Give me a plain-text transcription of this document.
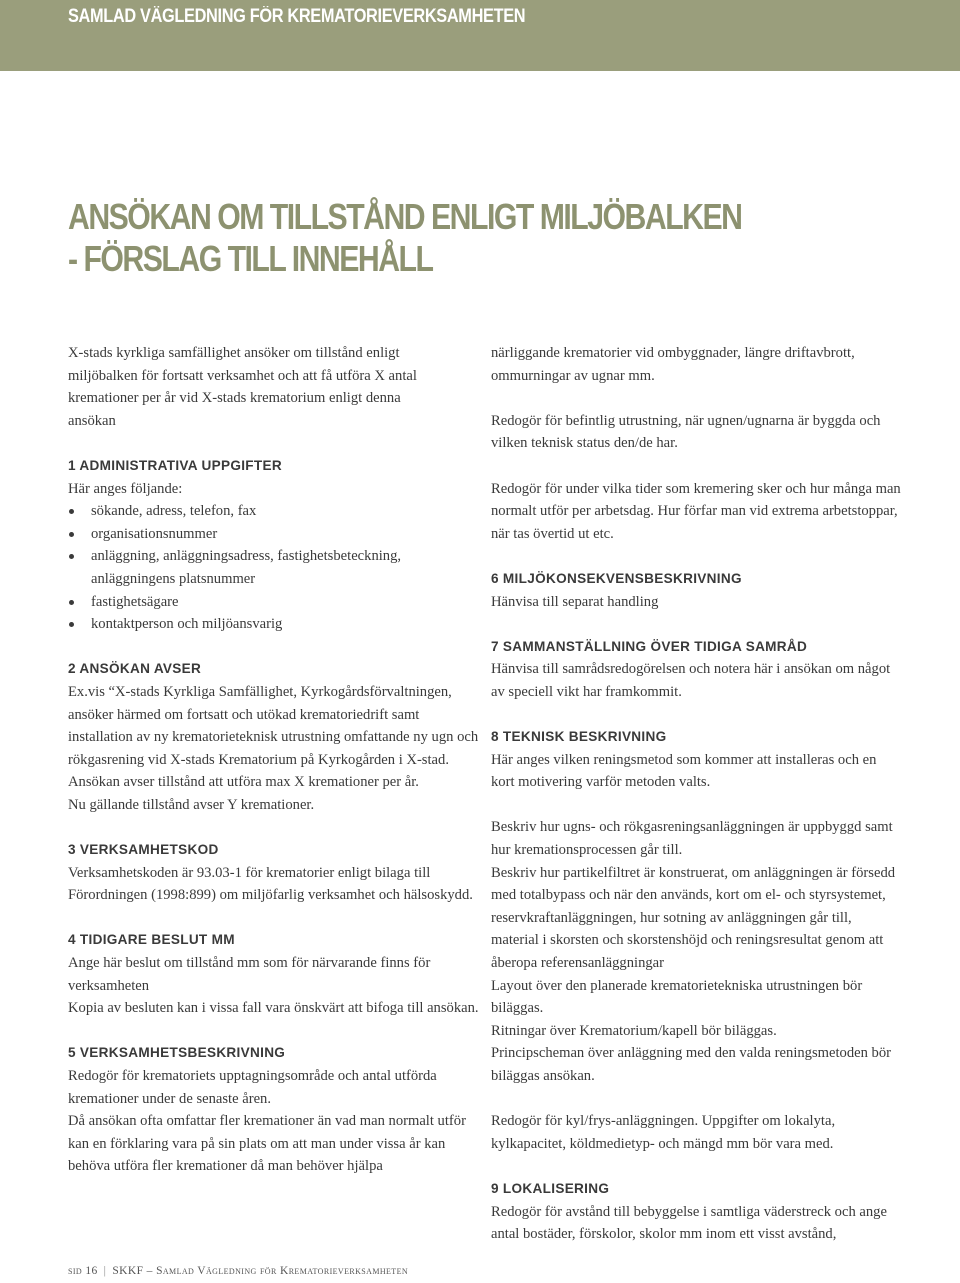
SAMLAD VÄGLEDNING FÖR KREMATORIEVERKSAMHETEN
ANSÖKAN OM TILLSTÅND ENLIGT MILJÖBALKEN
- FÖRSLAG TILL INNEHÅLL

X-stads kyrkliga samfällighet ansöker om tillstånd enligt miljöbalken för fortsatt verksamhet och att få utföra X antal kremationer per år vid X-stads krematorium enligt denna ansökan

1 ADMINISTRATIVA UPPGIFTER

Här anges följande:

sökande, adress, telefon, fax
organisationsnummer
anläggning, anläggningsadress, fastighetsbeteckning, anläggningens platsnummer
fastighetsägare
kontaktperson och miljöansvarig
2 ANSÖKAN AVSER

Ex.vis “X-stads Kyrkliga Samfällighet, Kyrkogårdsförvaltningen, ansöker härmed om fortsatt och utökad krematoriedrift samt installation av ny krematorieteknisk utrustning omfattande ny ugn och rökgasrening vid X-stads Krematorium på Kyrkogården i X-stad.

Ansökan avser tillstånd att utföra max X kremationer per år.

Nu gällande tillstånd avser Y kremationer.

3 VERKSAMHETSKOD

Verksamhetskoden är 93.03-1 för krematorier enligt bilaga till Förordningen (1998:899) om miljöfarlig verksamhet och hälsoskydd.

4 TIDIGARE BESLUT MM

Ange här beslut om tillstånd mm som för närvarande finns för verksamheten

Kopia av besluten kan i vissa fall vara önskvärt att bifoga till ansökan.

5 VERKSAMHETSBESKRIVNING

Redogör för krematoriets upptagningsområde och antal utförda kremationer under de senaste åren.

Då ansökan ofta omfattar fler kremationer än vad man normalt utför kan en förklaring vara på sin plats om att man under vissa år kan behöva utföra fler kremationer då man behöver hjälpa

närliggande krematorier vid ombyggnader, längre driftavbrott, ommurningar av ugnar mm.

Redogör för befintlig utrustning, när ugnen/ugnarna är byggda och vilken teknisk status den/de har.

Redogör för under vilka tider som kremering sker och hur många man normalt utför per arbetsdag. Hur förfar man vid extrema arbetstoppar, när tas övertid ut etc.

6 MILJÖKONSEKVENSBESKRIVNING

Hänvisa till separat handling

7 SAMMANSTÄLLNING ÖVER TIDIGA SAMRÅD

Hänvisa till samrådsredogörelsen och notera här i ansökan om något av speciell vikt har framkommit.

8 TEKNISK BESKRIVNING

Här anges vilken reningsmetod som kommer att installeras och en kort motivering varför metoden valts.

Beskriv hur ugns- och rökgasreningsanläggningen är uppbyggd samt hur kremationsprocessen går till.

Beskriv hur partikelfiltret är konstruerat, om anläggningen är försedd med totalbypass och när den används, kort om el- och styrsystemet, reservkraftanläggningen, hur sotning av anläggningen går till, material i skorsten och skorstenshöjd och reningsresultat genom att åberopa referensanläggningar

Layout över den planerade krematorietekniska utrustningen bör biläggas.

Ritningar över Krematorium/kapell bör biläggas.

Principscheman över anläggning med den valda reningsmetoden bör biläggas ansökan.

Redogör för kyl/frys-anläggningen. Uppgifter om lokalyta, kylkapacitet, köldmedietyp- och mängd mm bör vara med.

9 LOKALISERING

Redogör för avstånd till bebyggelse i samtliga väderstreck och ange antal bostäder, förskolor, skolor mm inom ett visst avstånd,

sid 16 | SKKF – Samlad Vägledning för Krematorieverksamheten
